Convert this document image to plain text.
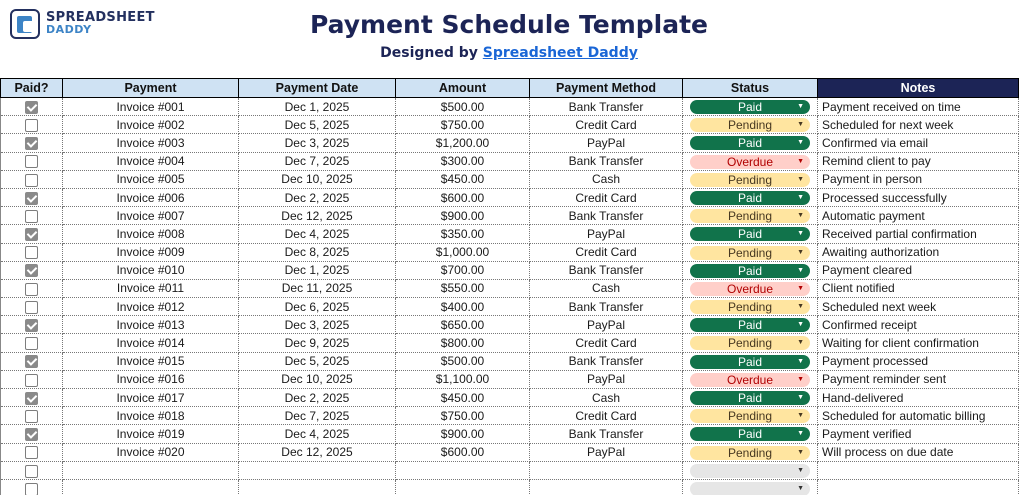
SPREADSHEET
DADDY	Payment Schedule Template
Designed by Spreadsheet Daddy
Paid?	Payment	Payment Date	Amount	Payment Method	Status	Notes
	Invoice #001	Dec 1, 2025	$500.00	Bank Transfer	Paid ▼	Payment received on time
	Invoice #002	Dec 5, 2025	$750.00	Credit Card	Pending ▼	Scheduled for next week
	Invoice #003	Dec 3, 2025	$1,200.00	PayPal	Paid ▼	Confirmed via email
	Invoice #004	Dec 7, 2025	$300.00	Bank Transfer	Overdue ▼	Remind client to pay
	Invoice #005	Dec 10, 2025	$450.00	Cash	Pending ▼	Payment in person
	Invoice #006	Dec 2, 2025	$600.00	Credit Card	Paid ▼	Processed successfully
	Invoice #007	Dec 12, 2025	$900.00	Bank Transfer	Pending ▼	Automatic payment
	Invoice #008	Dec 4, 2025	$350.00	PayPal	Paid ▼	Received partial confirmation
	Invoice #009	Dec 8, 2025	$1,000.00	Credit Card	Pending ▼	Awaiting authorization
	Invoice #010	Dec 1, 2025	$700.00	Bank Transfer	Paid ▼	Payment cleared
	Invoice #011	Dec 11, 2025	$550.00	Cash	Overdue ▼	Client notified
	Invoice #012	Dec 6, 2025	$400.00	Bank Transfer	Pending ▼	Scheduled next week
	Invoice #013	Dec 3, 2025	$650.00	PayPal	Paid ▼	Confirmed receipt
	Invoice #014	Dec 9, 2025	$800.00	Credit Card	Pending ▼	Waiting for client confirmation
	Invoice #015	Dec 5, 2025	$500.00	Bank Transfer	Paid ▼	Payment processed
	Invoice #016	Dec 10, 2025	$1,100.00	PayPal	Overdue ▼	Payment reminder sent
	Invoice #017	Dec 2, 2025	$450.00	Cash	Paid ▼	Hand-delivered
	Invoice #018	Dec 7, 2025	$750.00	Credit Card	Pending ▼	Scheduled for automatic billing
	Invoice #019	Dec 4, 2025	$900.00	Bank Transfer	Paid ▼	Payment verified
	Invoice #020	Dec 12, 2025	$600.00	PayPal	Pending ▼	Will process on due date

					▼	

					▼	
